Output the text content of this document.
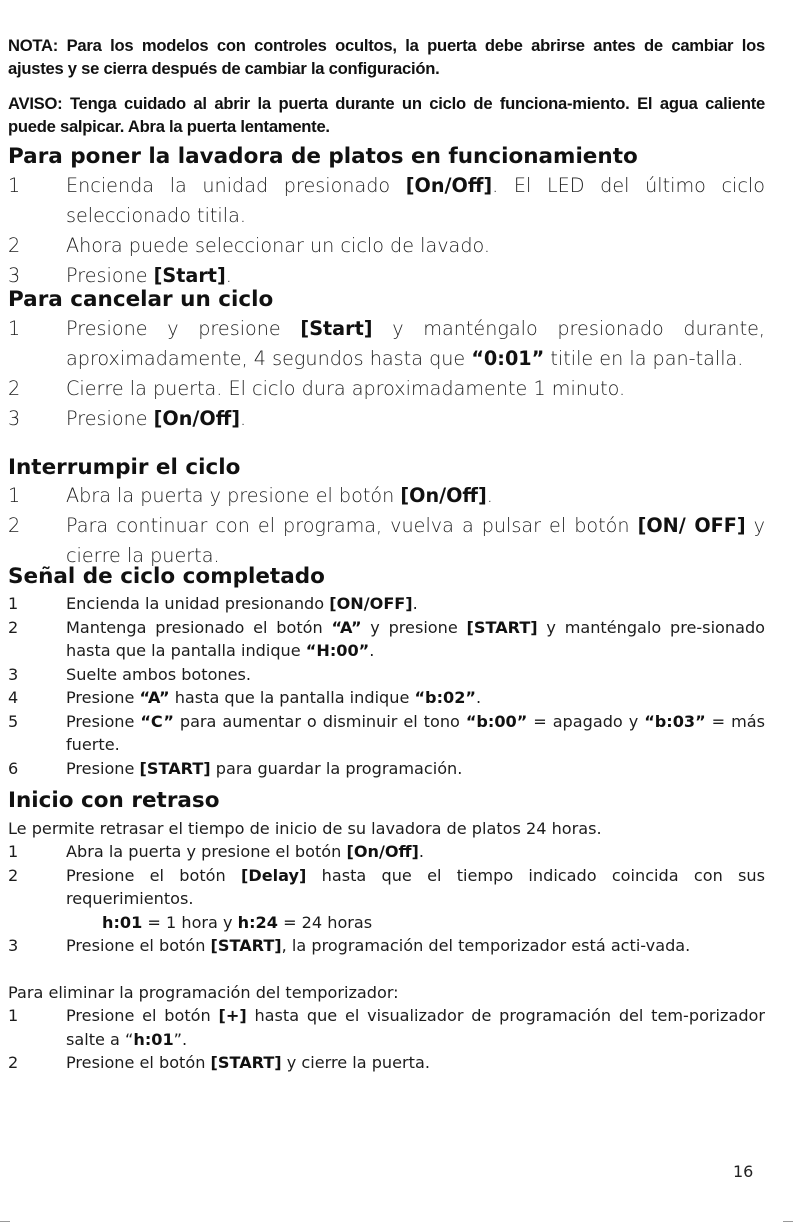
NOTA: Para los modelos con controles ocultos, la puerta debe abrirse antes de cambiar los ajustes y se cierra después de cambiar la configuración.
AVISO: Tenga cuidado al abrir la puerta durante un ciclo de funciona-miento. El agua caliente puede salpicar. Abra la puerta lentamente.
Para poner la lavadora de platos en funcionamiento
1 Encienda la unidad presionado [On/Off]. El LED del último ciclo seleccionado titila.
2 Ahora puede seleccionar un ciclo de lavado.
3 Presione [Start].
Para cancelar un ciclo
1 Presione y presione [Start] y manténgalo presionado durante, aproximadamente, 4 segundos hasta que “0:01” titile en la pan-talla.
2 Cierre la puerta. El ciclo dura aproximadamente 1 minuto.
3 Presione [On/Off].
Interrumpir el ciclo
1 Abra la puerta y presione el botón [On/Off].
2 Para continuar con el programa, vuelva a pulsar el botón [ON/ OFF] y cierre la puerta.
Señal de ciclo completado
1	Encienda la unidad presionando [ON/OFF].
2	Mantenga presionado el botón “A” y presione [START] y manténgalo pre-sionado hasta que la pantalla indique “H:00”.
3	Suelte ambos botones.
4	Presione “A” hasta que la pantalla indique “b:02”.
5	Presione “C” para aumentar o disminuir el tono “b:00” = apagado y “b:03” = más fuerte.
6	Presione [START] para guardar la programación.
Inicio con retraso
Le permite retrasar el tiempo de inicio de su lavadora de platos 24 horas.
1	Abra la puerta y presione el botón [On/Off].
2	Presione el botón [Delay] hasta que el tiempo indicado coincida con sus requerimientos.
h:01 = 1 hora y h:24 = 24 horas
3	Presione el botón [START], la programación del temporizador está acti-vada.
Para eliminar la programación del temporizador:
1	Presione el botón [+] hasta que el visualizador de programación del tem-porizador salte a “h:01”.
2	Presione el botón [START] y cierre la puerta.
16
